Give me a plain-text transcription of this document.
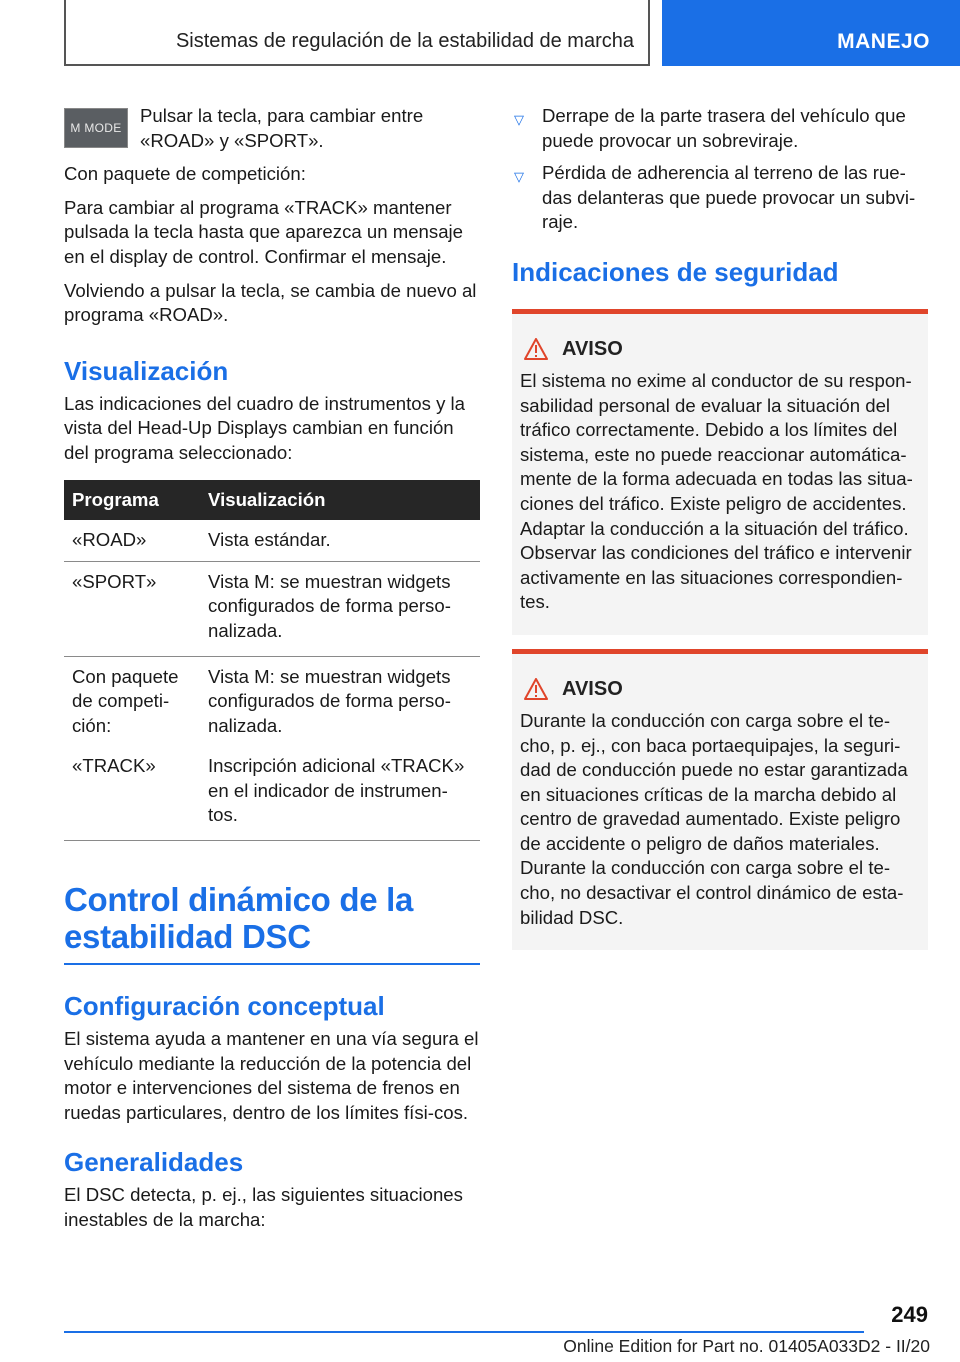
Sistemas de regulación de la estabilidad de marcha	MANEJO
M MODE

Pulsar la tecla, para cambiar entre «ROAD» y «SPORT».

Con paquete de competición:

Para cambiar al programa «TRACK» mantener pulsada la tecla hasta que aparezca un mensaje en el display de control. Confirmar el mensaje.

Volviendo a pulsar la tecla, se cambia de nuevo al programa «ROAD».

Visualización

Las indicaciones del cuadro de instrumentos y la vista del Head-Up Displays cambian en función del programa seleccionado:

Programa	Visualización
«ROAD»	Vista estándar.
«SPORT»	Vista M: se muestran widgets configurados de forma perso-nalizada.
Con paquete de competi-ción:	Vista M: se muestran widgets configurados de forma perso-nalizada.
«TRACK»	Inscripción adicional «TRACK» en el indicador de instrumen-tos.
Control dinámico de la estabilidad DSC
Configuración conceptual

El sistema ayuda a mantener en una vía segura el vehículo mediante la reducción de la potencia del motor e intervenciones del sistema de frenos en ruedas particulares, dentro de los límites físi-cos.

Generalidades

El DSC detecta, p. ej., las siguientes situaciones inestables de la marcha:

▽ Derrape de la parte trasera del vehículo que puede provocar un sobreviraje.
▽ Pérdida de adherencia al terreno de las rue-das delanteras que puede provocar un subvi-raje.
Indicaciones de seguridad
AVISO

El sistema no exime al conductor de su respon-sabilidad personal de evaluar la situación del tráfico correctamente. Debido a los límites del sistema, este no puede reaccionar automática-mente de la forma adecuada en todas las situa-ciones del tráfico. Existe peligro de accidentes. Adaptar la conducción a la situación del tráfico. Observar las condiciones del tráfico e intervenir activamente en las situaciones correspondien-tes.

AVISO

Durante la conducción con carga sobre el te-cho, p. ej., con baca portaequipajes, la seguri-dad de conducción puede no estar garantizada en situaciones críticas de la marcha debido al centro de gravedad aumentado. Existe peligro de accidente o peligro de daños materiales. Durante la conducción con carga sobre el te-cho, no desactivar el control dinámico de esta-bilidad DSC.

249
Online Edition for Part no. 01405A033D2 - II/20
